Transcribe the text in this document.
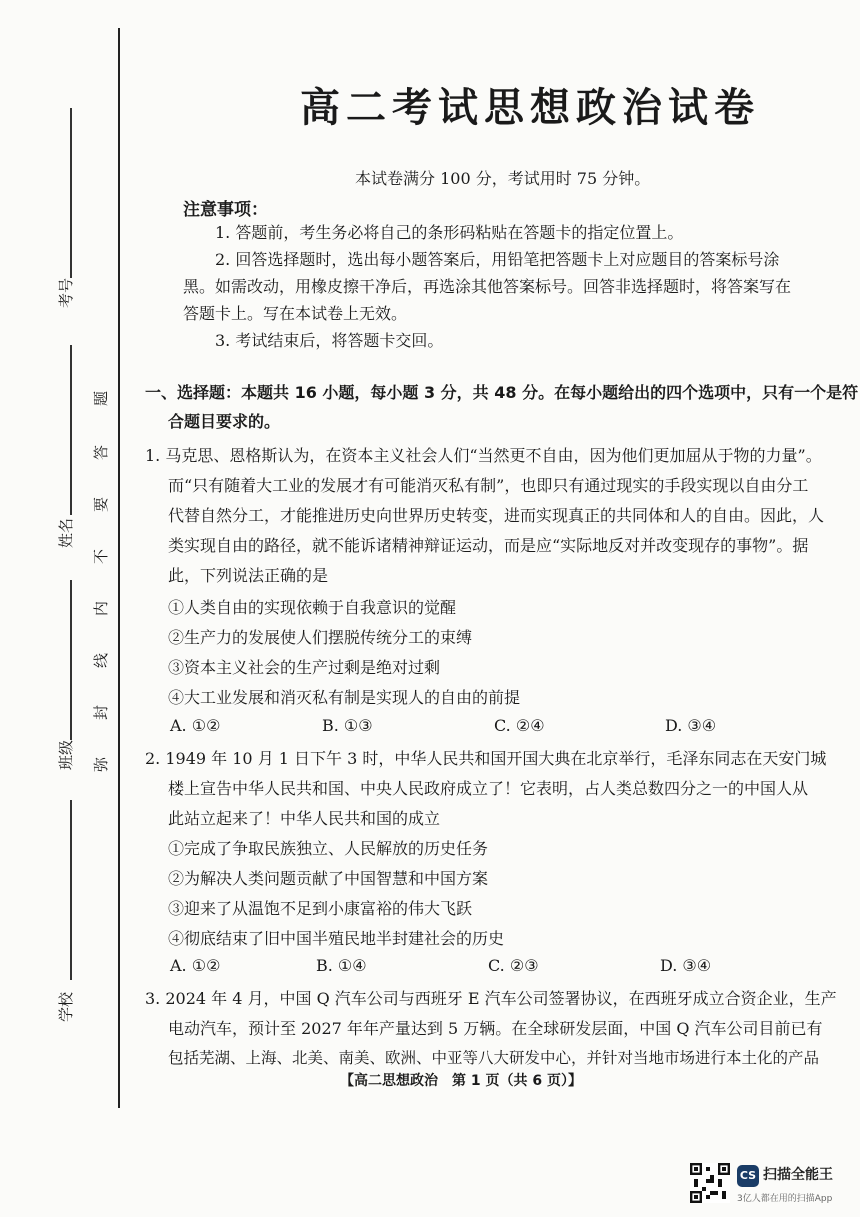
考号
姓名
班级
学校
题
答
要
不
内
线
封
弥
高二考试思想政治试卷
本试卷满分 100 分，考试用时 75 分钟。
注意事项：
1. 答题前，考生务必将自己的条形码粘贴在答题卡的指定位置上。
2. 回答选择题时，选出每小题答案后，用铅笔把答题卡上对应题目的答案标号涂
黑。如需改动，用橡皮擦干净后，再选涂其他答案标号。回答非选择题时，将答案写在
答题卡上。写在本试卷上无效。
3. 考试结束后，将答题卡交回。
一、选择题：本题共 16 小题，每小题 3 分，共 48 分。在每小题给出的四个选项中，只有一个是符
合题目要求的。
1. 马克思、恩格斯认为，在资本主义社会人们“当然更不自由，因为他们更加屈从于物的力量”。
而“只有随着大工业的发展才有可能消灭私有制”，也即只有通过现实的手段实现以自由分工
代替自然分工，才能推进历史向世界历史转变，进而实现真正的共同体和人的自由。因此，人
类实现自由的路径，就不能诉诸精神辩证运动，而是应“实际地反对并改变现存的事物”。据
此，下列说法正确的是
①人类自由的实现依赖于自我意识的觉醒
②生产力的发展使人们摆脱传统分工的束缚
③资本主义社会的生产过剩是绝对过剩
④大工业发展和消灭私有制是实现人的自由的前提
A. ①②	B. ①③	C. ②④	D. ③④
2. 1949 年 10 月 1 日下午 3 时，中华人民共和国开国大典在北京举行，毛泽东同志在天安门城
楼上宣告中华人民共和国、中央人民政府成立了！它表明，占人类总数四分之一的中国人从
此站立起来了！中华人民共和国的成立
①完成了争取民族独立、人民解放的历史任务
②为解决人类问题贡献了中国智慧和中国方案
③迎来了从温饱不足到小康富裕的伟大飞跃
④彻底结束了旧中国半殖民地半封建社会的历史
A. ①②	B. ①④	C. ②③	D. ③④
3. 2024 年 4 月，中国 Q 汽车公司与西班牙 E 汽车公司签署协议，在西班牙成立合资企业，生产
电动汽车，预计至 2027 年年产量达到 5 万辆。在全球研发层面，中国 Q 汽车公司目前已有
包括芜湖、上海、北美、南美、欧洲、中亚等八大研发中心，并针对当地市场进行本土化的产品
【高二思想政治　第 1 页（共 6 页）】
CS 扫描全能王
3亿人都在用的扫描App
